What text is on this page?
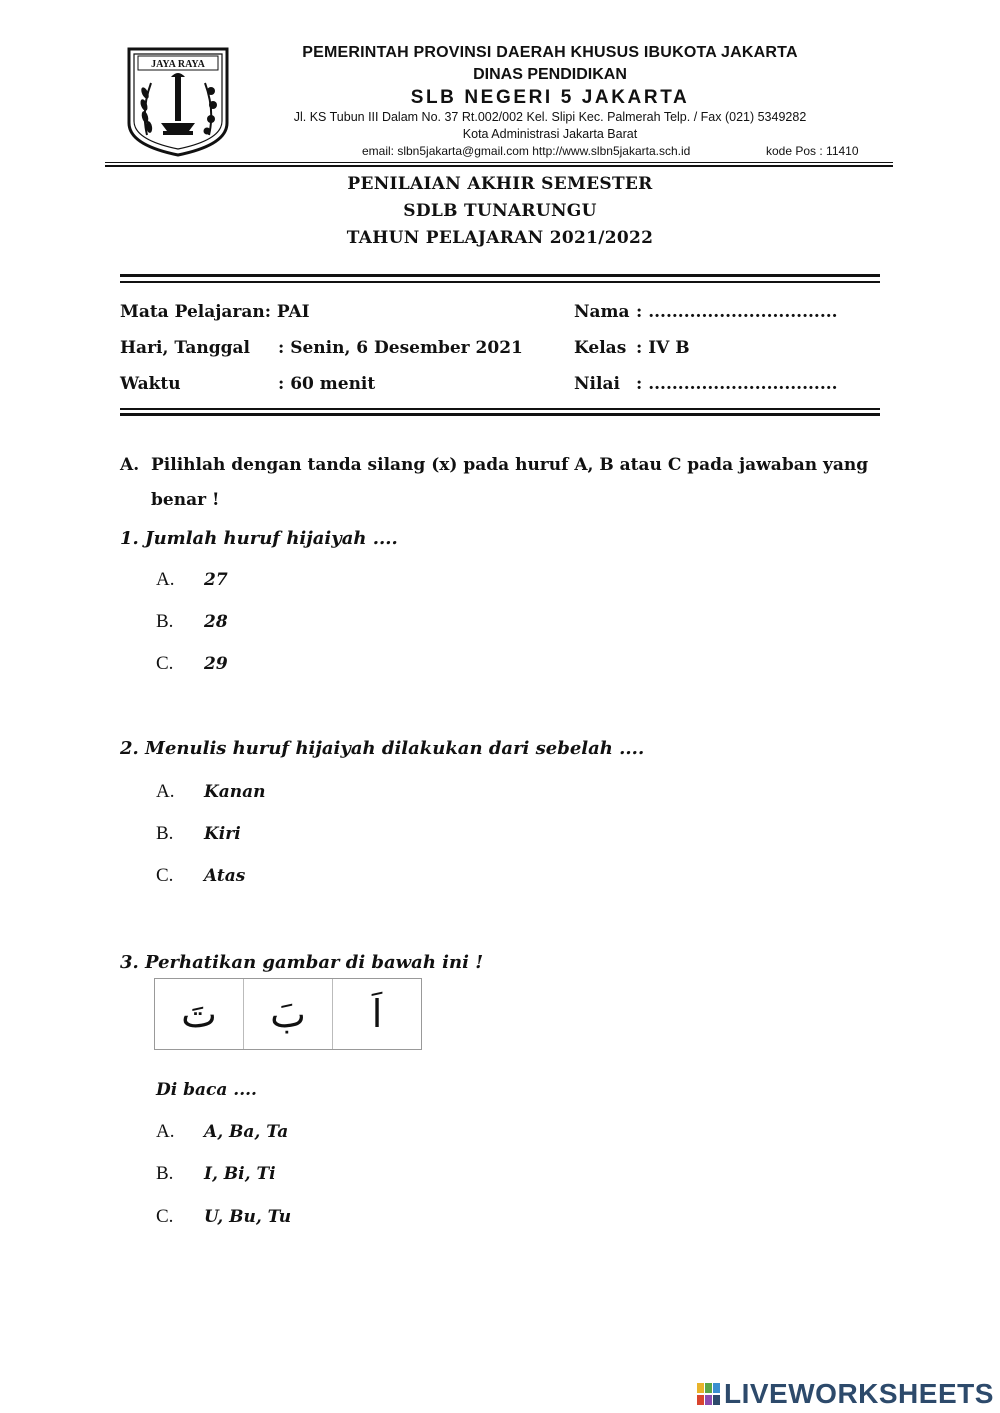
JAYA RAYA
PEMERINTAH PROVINSI DAERAH KHUSUS IBUKOTA JAKARTA
DINAS PENDIDIKAN
SLB NEGERI 5 JAKARTA
Jl. KS Tubun III Dalam No. 37 Rt.002/002 Kel. Slipi Kec. Palmerah Telp. / Fax (021) 5349282
Kota Administrasi Jakarta Barat
email: slbn5jakarta@gmail.com http://www.slbn5jakarta.sch.id	kode Pos : 11410
PENILAIAN AKHIR SEMESTER
SDLB TUNARUNGU
TAHUN PELAJARAN 2021/2022
Mata Pelajaran: PAI
Hari, Tanggal : Senin, 6 Desember 2021
Waktu	: 60 menit
Nama : ................................
Kelas : IV B
Nilai : ................................
A. Pilihlah dengan tanda silang (x) pada huruf A, B atau C pada jawaban yang benar !
1. Jumlah huruf hijaiyah ....
A. 27
B. 28
C. 29
2. Menulis huruf hijaiyah dilakukan dari sebelah ....
A. Kanan
B. Kiri
C. Atas
3. Perhatikan gambar di bawah ini !
تَ بَ اَ
Di baca ....
A. A, Ba, Ta
B. I, Bi, Ti
C. U, Bu, Tu
LIVEWORKSHEETS
